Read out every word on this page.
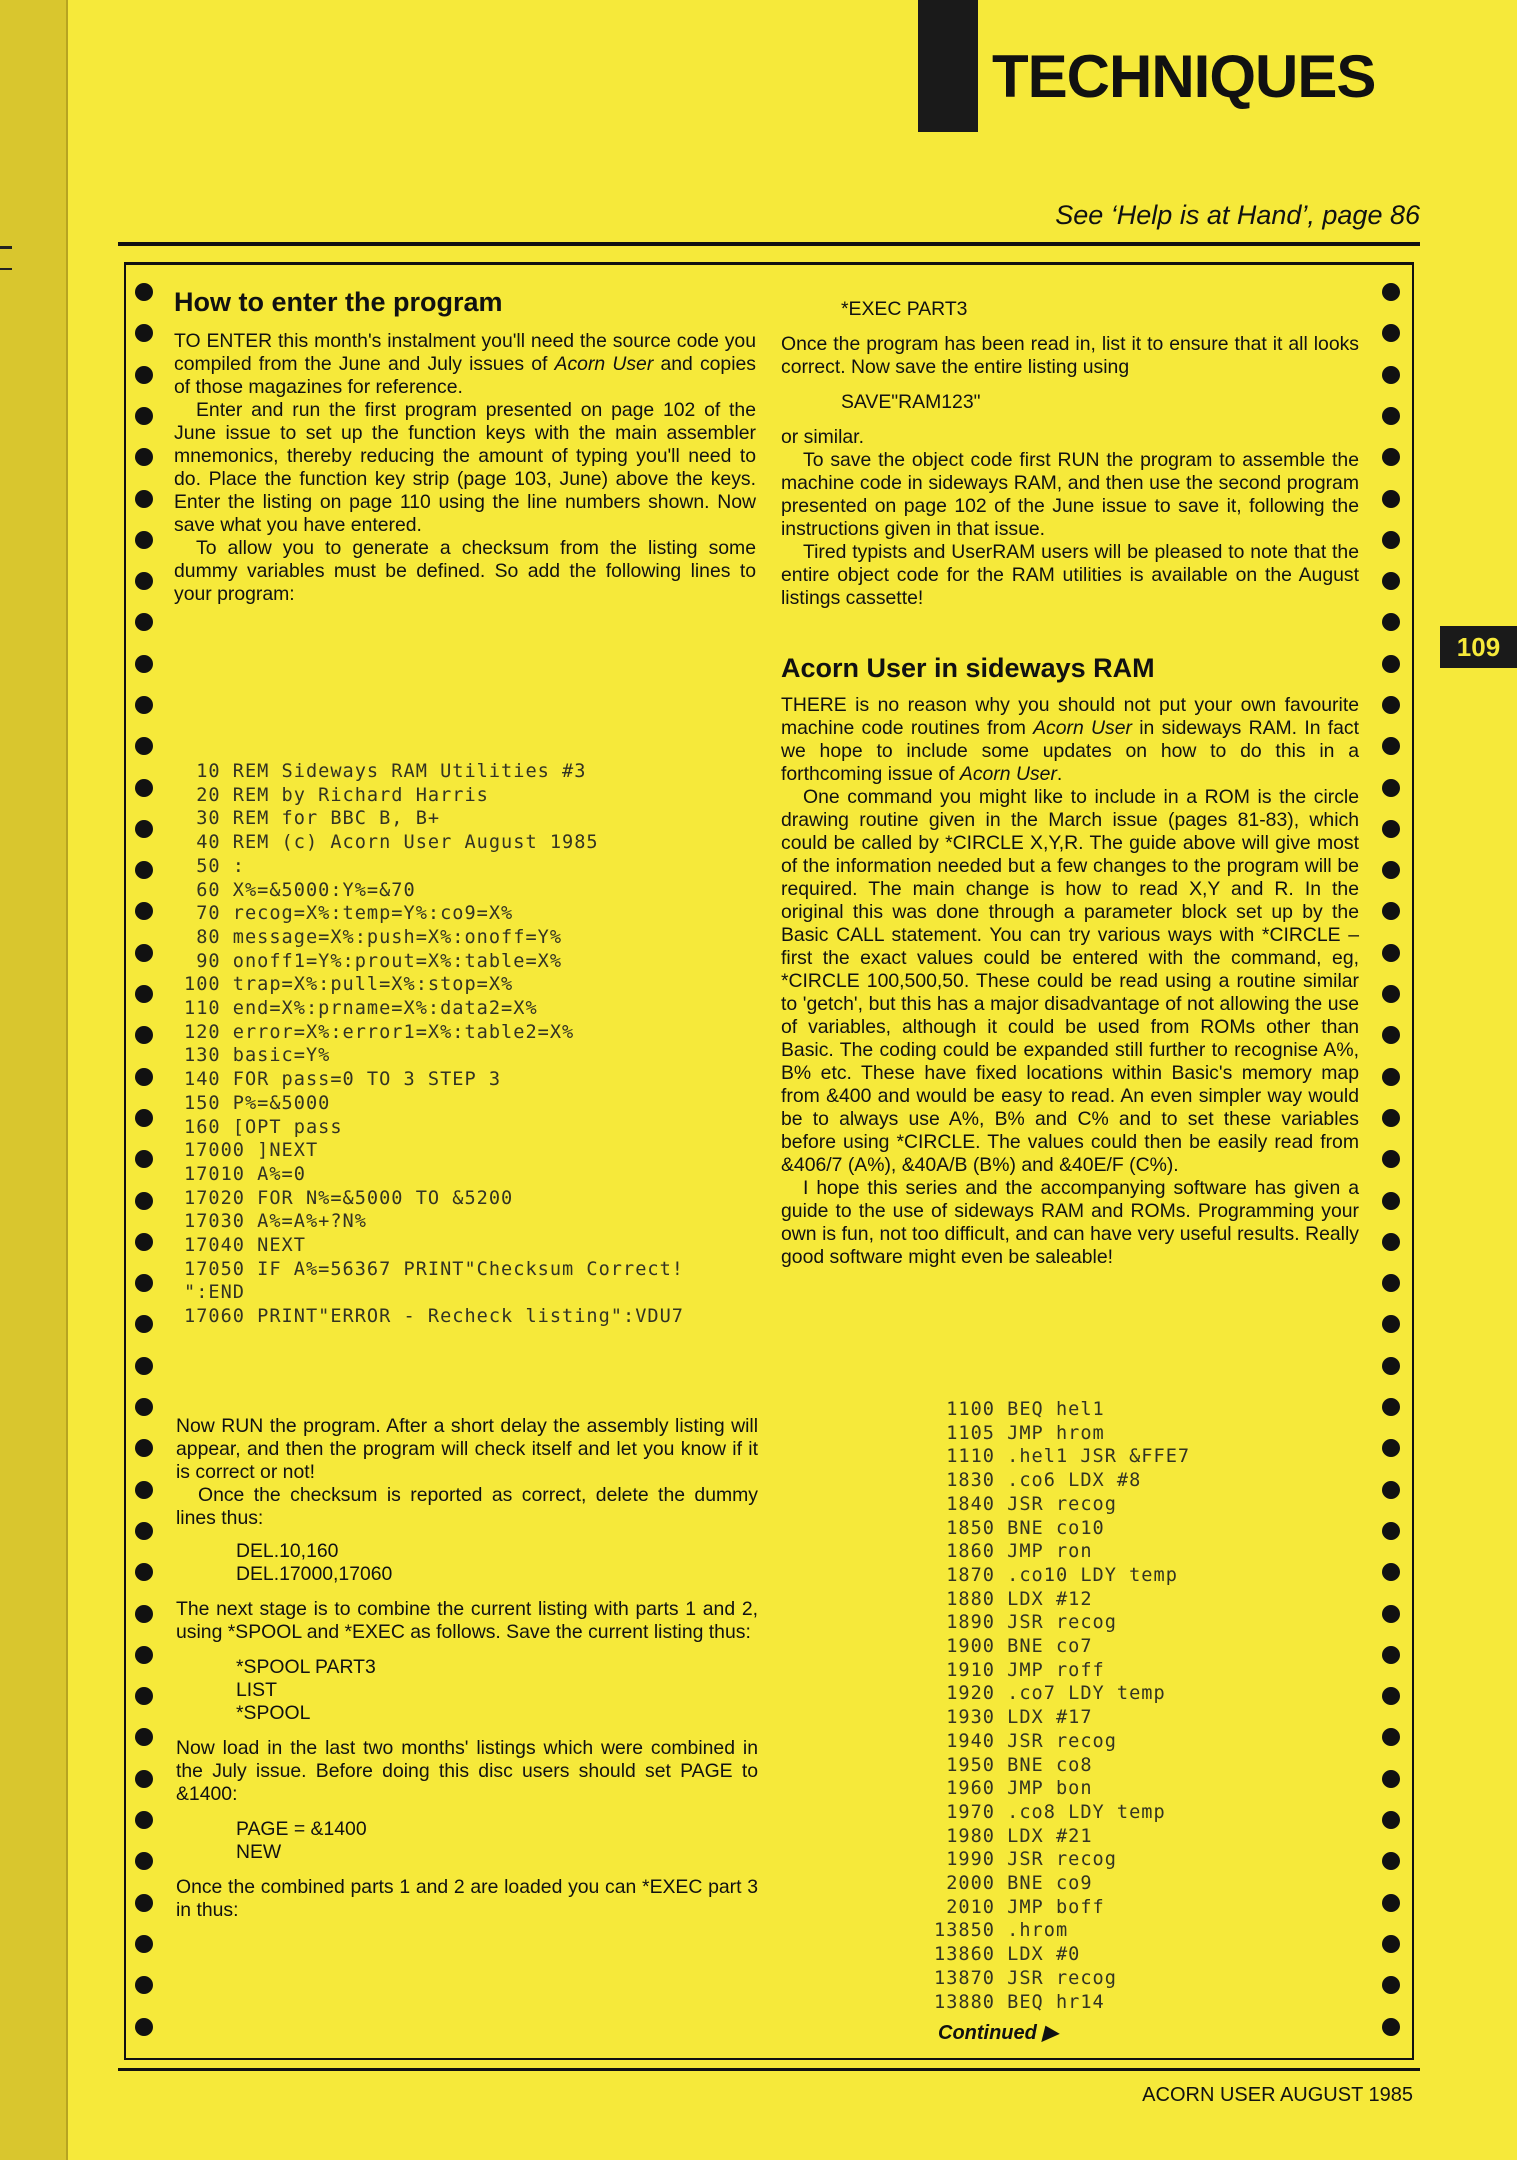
TECHNIQUES
See ‘Help is at Hand’, page 86
109
How to enter the program

TO ENTER this month's instalment you'll need the source code you compiled from the June and July issues of Acorn User and copies of those magazines for reference.

Enter and run the first program presented on page 102 of the June issue to set up the function keys with the main assembler mnemonics, thereby reducing the amount of typing you'll need to do. Place the function key strip (page 103, June) above the keys. Enter the listing on page 110 using the line numbers shown. Now save what you have entered.

To allow you to generate a checksum from the listing some dummy variables must be defined. So add the following lines to your program:

10 REM Sideways RAM Utilities #3
20 REM by Richard Harris
30 REM for BBC B, B+
40 REM (c) Acorn User August 1985
50 :
60 X%=&5000:Y%=&70
70 recog=X%:temp=Y%:co9=X%
80 message=X%:push=X%:onoff=Y%
90 onoff1=Y%:prout=X%:table=X%
100 trap=X%:pull=X%:stop=X%
110 end=X%:prname=X%:data2=X%
120 error=X%:error1=X%:table2=X%
130 basic=Y%
140 FOR pass=0 TO 3 STEP 3
150 P%=&5000
160 [OPT pass
17000 ]NEXT
17010 A%=0
17020 FOR N%=&5000 TO &5200
17030 A%=A%+?N%
17040 NEXT
17050 IF A%=56367 PRINT"Checksum Correct!
":END
17060 PRINT"ERROR - Recheck listing":VDU7

Now RUN the program. After a short delay the assembly listing will appear, and then the program will check itself and let you know if it is correct or not!

Once the checksum is reported as correct, delete the dummy lines thus:

DEL.10,160

DEL.17000,17060

The next stage is to combine the current listing with parts 1 and 2, using *SPOOL and *EXEC as follows. Save the current listing thus:

*SPOOL PART3

LIST

*SPOOL

Now load in the last two months' listings which were combined in the July issue. Before doing this disc users should set PAGE to &1400:

PAGE = &1400

NEW

Once the combined parts 1 and 2 are loaded you can *EXEC part 3 in thus:

*EXEC PART3

Once the program has been read in, list it to ensure that it all looks correct. Now save the entire listing using

SAVE"RAM123"

or similar.

To save the object code first RUN the program to assemble the machine code in sideways RAM, and then use the second program presented on page 102 of the June issue to save it, following the instructions given in that issue.

Tired typists and UserRAM users will be pleased to note that the entire object code for the RAM utilities is available on the August listings cassette!

Acorn User in sideways RAM

THERE is no reason why you should not put your own favourite machine code routines from Acorn User in sideways RAM. In fact we hope to include some updates on how to do this in a forthcoming issue of Acorn User.

One command you might like to include in a ROM is the circle drawing routine given in the March issue (pages 81-83), which could be called by *CIRCLE X,Y,R. The guide above will give most of the information needed but a few changes to the program will be required. The main change is how to read X,Y and R. In the original this was done through a parameter block set up by the Basic CALL statement. You can try various ways with *CIRCLE – first the exact values could be entered with the command, eg, *CIRCLE 100,500,50. These could be read using a routine similar to 'getch', but this has a major disadvantage of not allowing the use of variables, although it could be used from ROMs other than Basic. The coding could be expanded still further to recognise A%, B% etc. These have fixed locations within Basic's memory map from &400 and would be easy to read. An even simpler way would be to always use A%, B% and C% and to set these variables before using *CIRCLE. The values could then be easily read from &406/7 (A%), &40A/B (B%) and &40E/F (C%).

I hope this series and the accompanying software has given a guide to the use of sideways RAM and ROMs. Programming your own is fun, not too difficult, and can have very useful results. Really good software might even be saleable!

1100 BEQ hel1
1105 JMP hrom
1110 .hel1 JSR &FFE7
1830 .co6 LDX #8
1840 JSR recog
1850 BNE co10
1860 JMP ron
1870 .co10 LDY temp
1880 LDX #12
1890 JSR recog
1900 BNE co7
1910 JMP roff
1920 .co7 LDY temp
1930 LDX #17
1940 JSR recog
1950 BNE co8
1960 JMP bon
1970 .co8 LDY temp
1980 LDX #21
1990 JSR recog
2000 BNE co9
2010 JMP boff
13850 .hrom
13860 LDX #0
13870 JSR recog
13880 BEQ hr14
Continued ▶
ACORN USER AUGUST 1985
